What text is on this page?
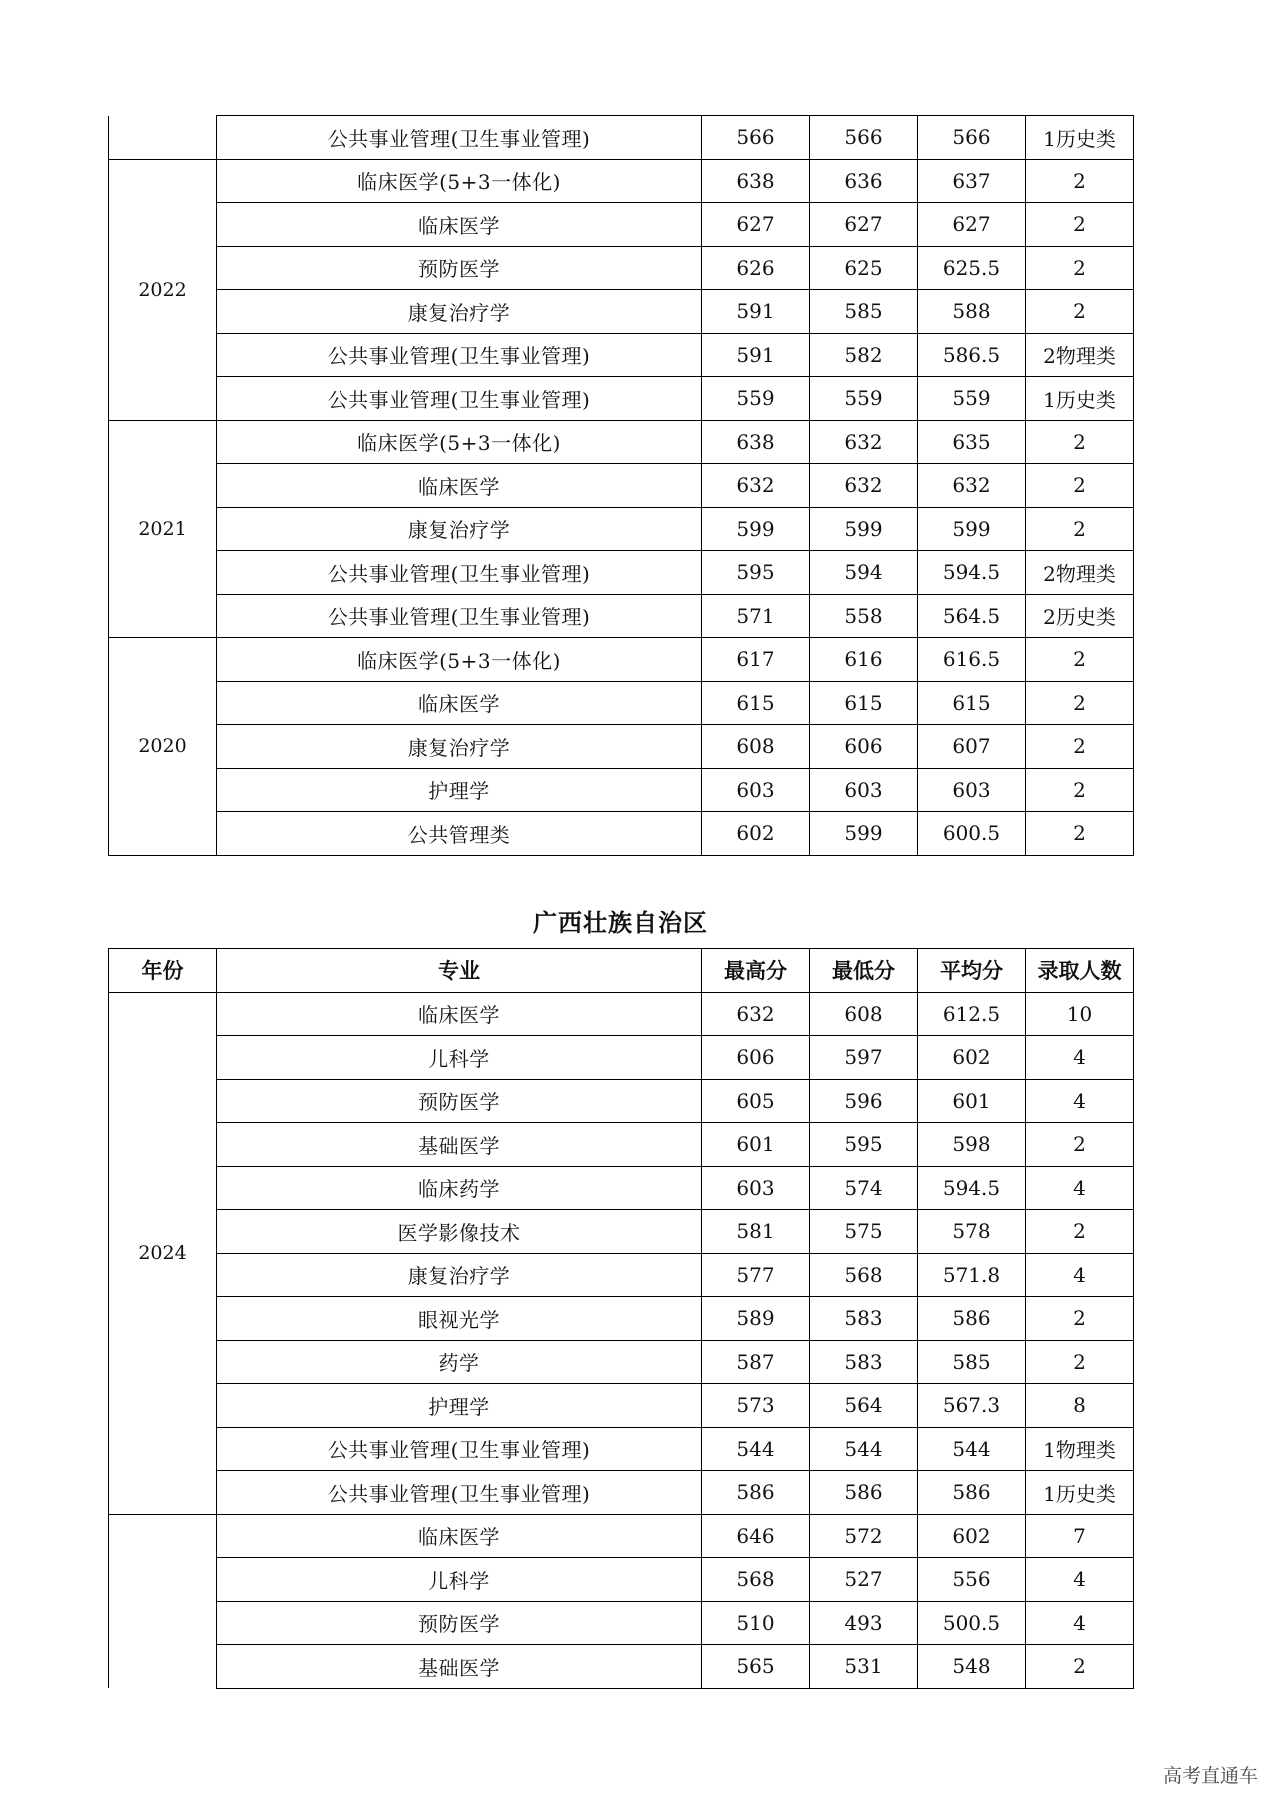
	公共事业管理(卫生事业管理)	566	566	566	1历史类
2022	临床医学(5+3一体化)	638	636	637	2
	临床医学	627	627	627	2
	预防医学	626	625	625.5	2
	康复治疗学	591	585	588	2
	公共事业管理(卫生事业管理)	591	582	586.5	2物理类
	公共事业管理(卫生事业管理)	559	559	559	1历史类
2021	临床医学(5+3一体化)	638	632	635	2
	临床医学	632	632	632	2
	康复治疗学	599	599	599	2
	公共事业管理(卫生事业管理)	595	594	594.5	2物理类
	公共事业管理(卫生事业管理)	571	558	564.5	2历史类
2020	临床医学(5+3一体化)	617	616	616.5	2
	临床医学	615	615	615	2
	康复治疗学	608	606	607	2
	护理学	603	603	603	2
	公共管理类	602	599	600.5	2
广西壮族自治区
年份	专业	最高分	最低分	平均分	录取人数
2024	临床医学	632	608	612.5	10
	儿科学	606	597	602	4
	预防医学	605	596	601	4
	基础医学	601	595	598	2
	临床药学	603	574	594.5	4
	医学影像技术	581	575	578	2
	康复治疗学	577	568	571.8	4
	眼视光学	589	583	586	2
	药学	587	583	585	2
	护理学	573	564	567.3	8
	公共事业管理(卫生事业管理)	544	544	544	1物理类
	公共事业管理(卫生事业管理)	586	586	586	1历史类
	临床医学	646	572	602	7
	儿科学	568	527	556	4
	预防医学	510	493	500.5	4
	基础医学	565	531	548	2
高考直通车
